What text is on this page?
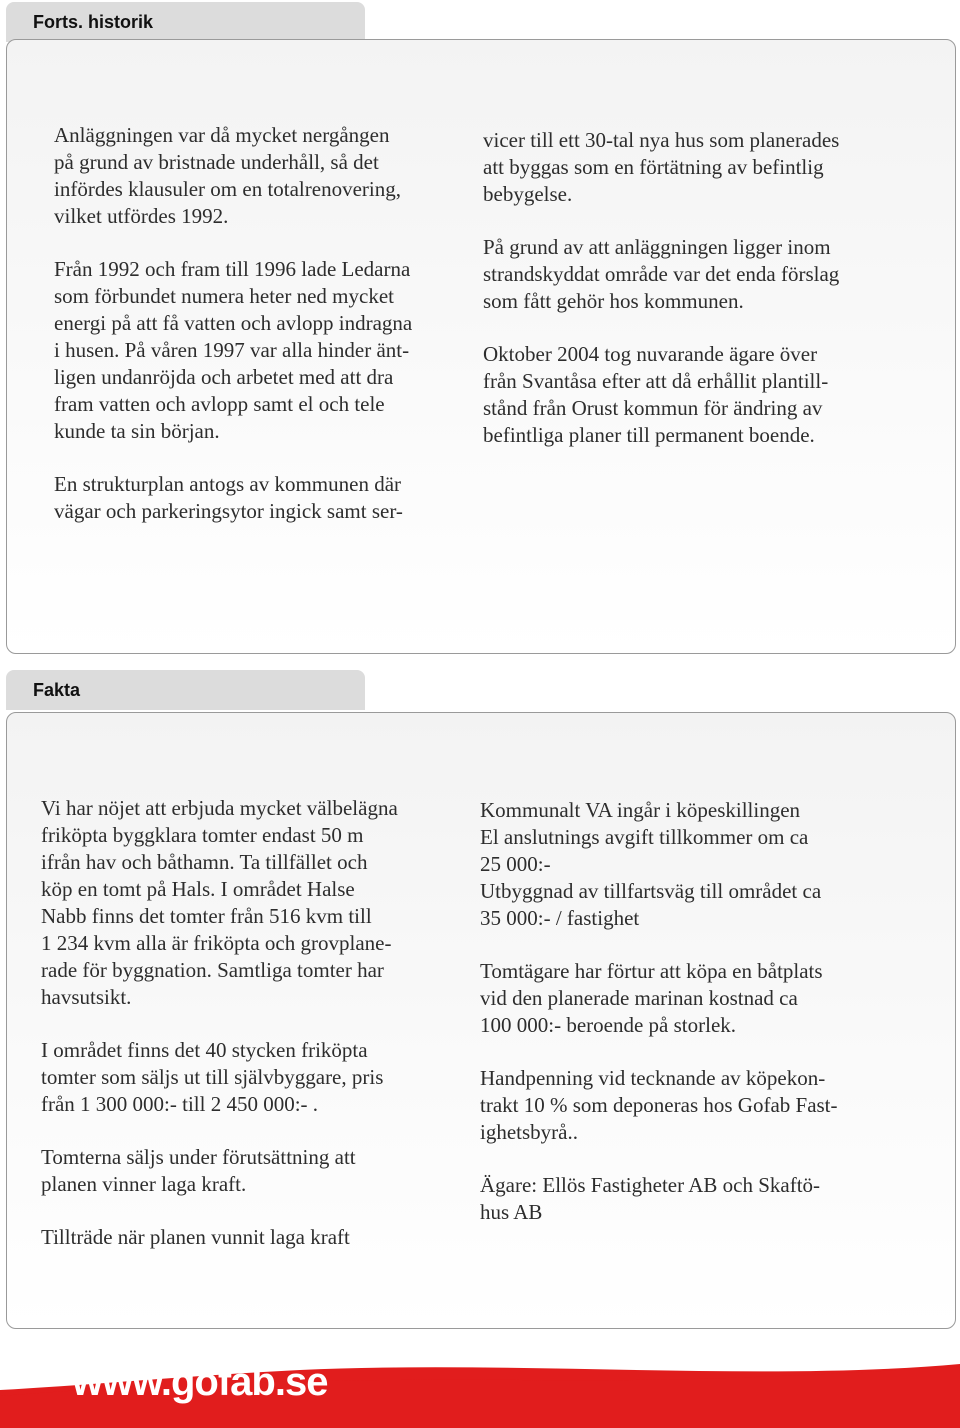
Forts. historik

Anläggningen var då mycket nergången
på grund av bristnade underhåll, så det
infördes klausuler om en totalrenovering,
vilket utfördes 1992.

Från 1992 och fram till 1996 lade Ledarna
som förbundet numera heter ned mycket
energi på att få vatten och avlopp indragna
i husen. På våren 1997 var alla hinder änt-
ligen undanröjda och arbetet med att dra
fram vatten och avlopp samt el och tele
kunde ta sin början.

En strukturplan antogs av kommunen där
vägar och parkeringsytor ingick samt ser-

vicer till ett 30-tal nya hus som planerades
att byggas som en förtätning av befintlig
bebygelse.

På grund av att anläggningen ligger inom
strandskyddat område var det enda förslag
som fått gehör hos kommunen.

Oktober 2004 tog nuvarande ägare över
från Svantåsa efter att då erhållit plantill-
stånd från Orust kommun för ändring av
befintliga planer till permanent boende.

Fakta

Vi har nöjet att erbjuda mycket välbelägna
friköpta byggklara tomter endast 50 m
ifrån hav och båthamn. Ta tillfället och
köp en tomt på Hals. I området Halse
Nabb finns det tomter från 516 kvm till
1 234 kvm alla är friköpta och grovplane-
rade för byggnation. Samtliga tomter har
havsutsikt.

I området finns det 40 stycken friköpta
tomter som säljs ut till självbyggare, pris
från 1 300 000:- till 2 450 000:- .

Tomterna säljs under förutsättning att
planen vinner laga kraft.

Tillträde när planen vunnit laga kraft

Kommunalt VA ingår i köpeskillingen
El anslutnings avgift tillkommer om ca
25 000:-
Utbyggnad av tillfartsväg till området ca
35 000:- / fastighet

Tomtägare har förtur att köpa en båtplats
vid den planerade marinan kostnad ca
100 000:- beroende på storlek.

Handpenning vid tecknande av köpekon-
trakt 10 % som deponeras hos Gofab Fast-
ighetsbyrå..

Ägare: Ellös Fastigheter AB och Skaftö-
hus AB

www.gofab.se
